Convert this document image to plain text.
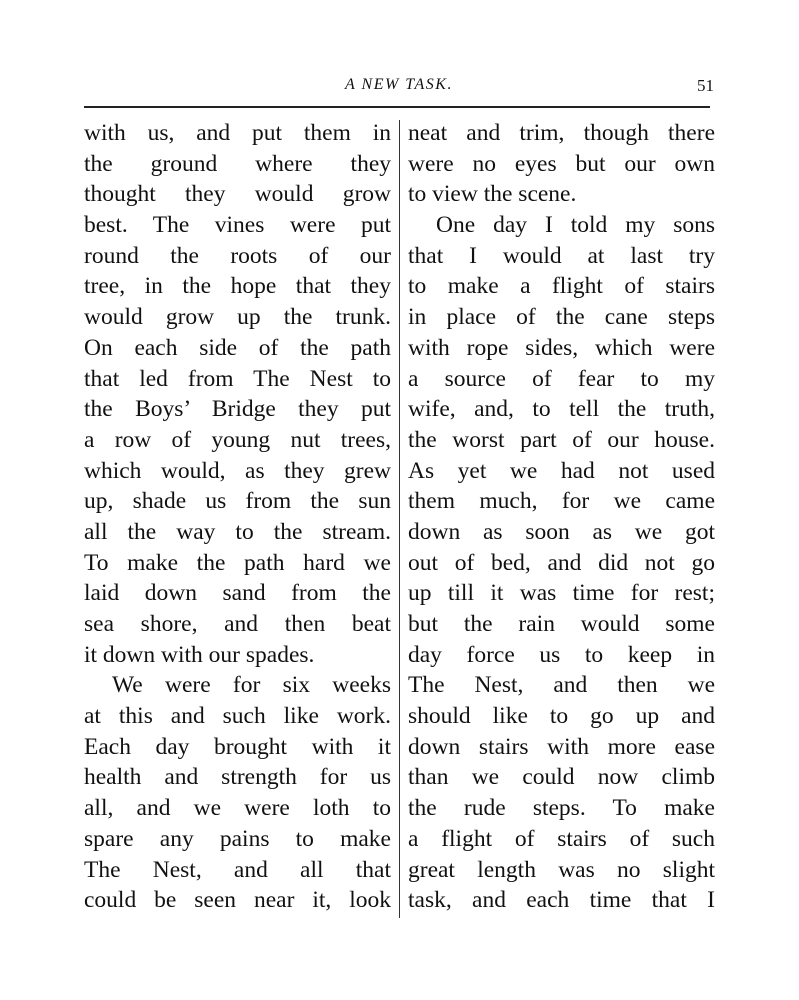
A NEW TASK.	51
with us, and put them in
the ground where they
thought they would grow
best. The vines were put
round the roots of our
tree, in the hope that they
would grow up the trunk.
On each side of the path
that led from The Nest to
the Boys’ Bridge they put
a row of young nut trees,
which would, as they grew
up, shade us from the sun
all the way to the stream.
To make the path hard we
laid down sand from the
sea shore, and then beat
it down with our spades.
We were for six weeks
at this and such like work.
Each day brought with it
health and strength for us
all, and we were loth to
spare any pains to make
The Nest, and all that
could be seen near it, look
neat and trim, though there
were no eyes but our own
to view the scene.
One day I told my sons
that I would at last try
to make a flight of stairs
in place of the cane steps
with rope sides, which were
a source of fear to my
wife, and, to tell the truth,
the worst part of our house.
As yet we had not used
them much, for we came
down as soon as we got
out of bed, and did not go
up till it was time for rest;
but the rain would some
day force us to keep in
The Nest, and then we
should like to go up and
down stairs with more ease
than we could now climb
the rude steps. To make
a flight of stairs of such
great length was no slight
task, and each time that I
